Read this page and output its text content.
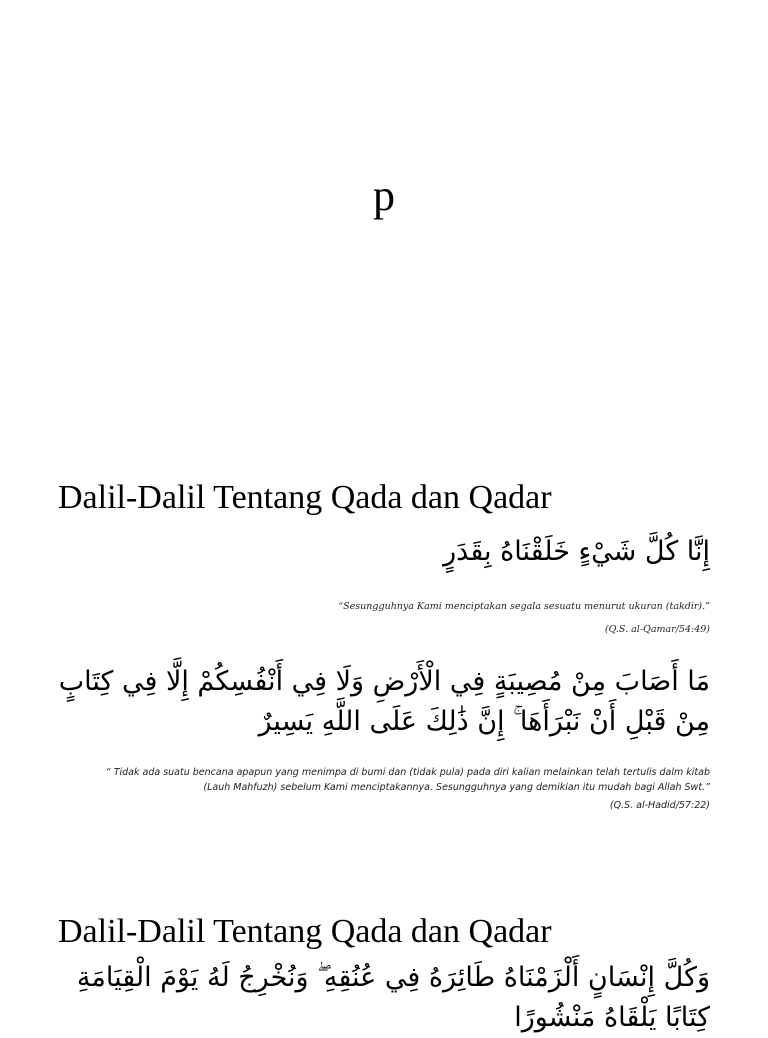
p
Dalil-Dalil Tentang Qada dan Qadar
إِنَّا كُلَّ شَيْءٍ خَلَقْنَاهُ بِقَدَرٍ
“Sesungguhnya Kami menciptakan segala sesuatu menurut ukuran (takdir).”
(Q.S. al-Qamar/54:49)
مَا أَصَابَ مِنْ مُصِيبَةٍ فِي الْأَرْضِ وَلَا فِي أَنْفُسِكُمْ إِلَّا فِي كِتَابٍ
مِنْ قَبْلِ أَنْ نَبْرَأَهَا ۚ إِنَّ ذَٰلِكَ عَلَى اللَّهِ يَسِيرٌ
“ Tidak ada suatu bencana apapun yang menimpa di bumi dan (tidak pula) pada diri kalian melainkan telah tertulis dalm kitab
(Lauh Mahfuzh) sebelum Kami menciptakannya. Sesungguhnya yang demikian itu mudah bagi Allah Swt.”
(Q.S. al-Hadid/57:22)
Dalil-Dalil Tentang Qada dan Qadar
وَكُلَّ إِنْسَانٍ أَلْزَمْنَاهُ طَائِرَهُ فِي عُنُقِهِ ۖ وَنُخْرِجُ لَهُ يَوْمَ الْقِيَامَةِ
كِتَابًا يَلْقَاهُ مَنْشُورًا
